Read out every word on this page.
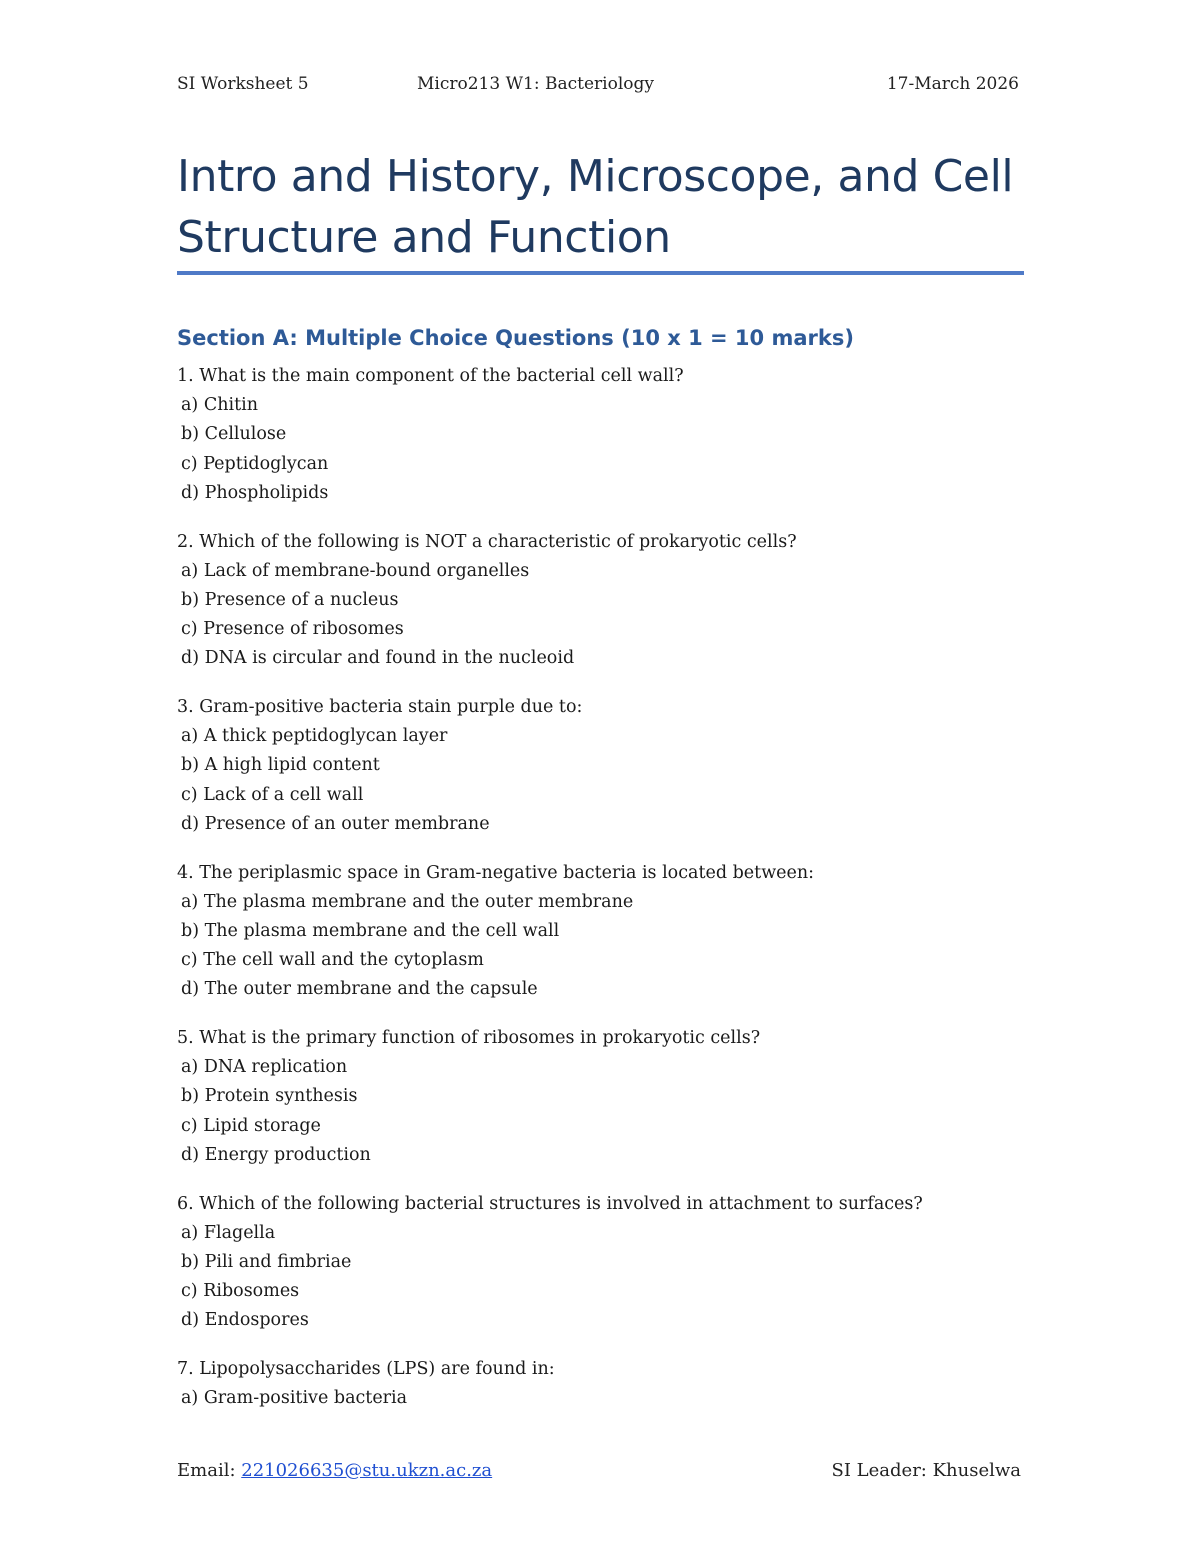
SI Worksheet 5	Micro213 W1: Bacteriology	17-March 2026
Intro and History, Microscope, and Cell
Structure and Function
Section A: Multiple Choice Questions (10 x 1 = 10 marks)
1. What is the main component of the bacterial cell wall?
a) Chitin
b) Cellulose
c) Peptidoglycan
d) Phospholipids
2. Which of the following is NOT a characteristic of prokaryotic cells?
a) Lack of membrane-bound organelles
b) Presence of a nucleus
c) Presence of ribosomes
d) DNA is circular and found in the nucleoid
3. Gram-positive bacteria stain purple due to:
a) A thick peptidoglycan layer
b) A high lipid content
c) Lack of a cell wall
d) Presence of an outer membrane
4. The periplasmic space in Gram-negative bacteria is located between:
a) The plasma membrane and the outer membrane
b) The plasma membrane and the cell wall
c) The cell wall and the cytoplasm
d) The outer membrane and the capsule
5. What is the primary function of ribosomes in prokaryotic cells?
a) DNA replication
b) Protein synthesis
c) Lipid storage
d) Energy production
6. Which of the following bacterial structures is involved in attachment to surfaces?
a) Flagella
b) Pili and fimbriae
c) Ribosomes
d) Endospores
7. Lipopolysaccharides (LPS) are found in:
a) Gram-positive bacteria
Email: 221026635@stu.ukzn.ac.za	SI Leader: Khuselwa
